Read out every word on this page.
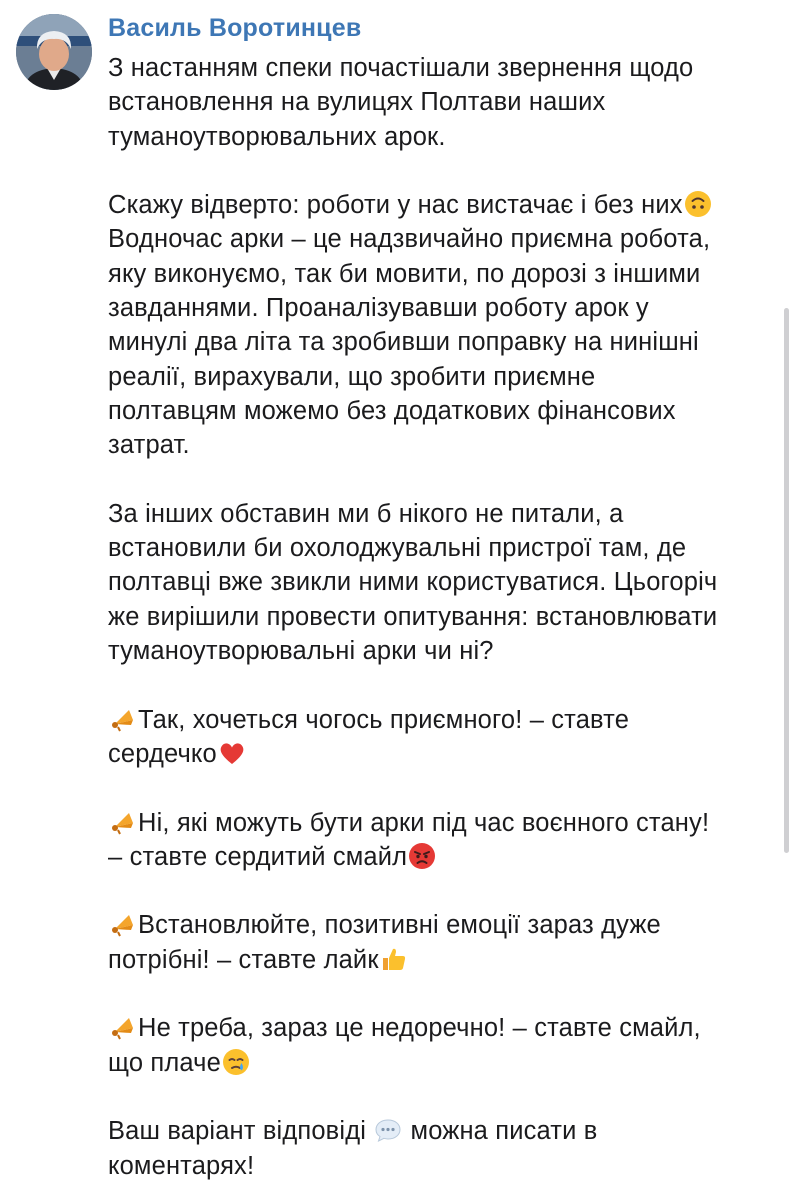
Василь Воротинцев

З настанням спеки почастішали звернення щодо

встановлення на вулицях Полтави наших

туманоутворювальних арок.

Скажу відверто: роботи у нас вистачає і без них

Водночас арки – це надзвичайно приємна робота,

яку виконуємо, так би мовити, по дорозі з іншими

завданнями. Проаналізувавши роботу арок у

минулі два літа та зробивши поправку на нинішні

реалії, вирахували, що зробити приємне

полтавцям можемо без додаткових фінансових

затрат.

За інших обставин ми б нікого не питали, а

встановили би охолоджувальні пристрої там, де

полтавці вже звикли ними користуватися. Цьогоріч

же вирішили провести опитування: встановлювати

туманоутворювальні арки чи ні?

Так, хочеться чогось приємного! – ставте

сердечко

Ні, які можуть бути арки під час воєнного стану!

– ставте сердитий смайл

Встановлюйте, позитивні емоції зараз дуже

потрібні! – ставте лайк

Не треба, зараз це недоречно! – ставте смайл,

що плаче

Ваш варіант відповіді  можна писати в

коментарях!
